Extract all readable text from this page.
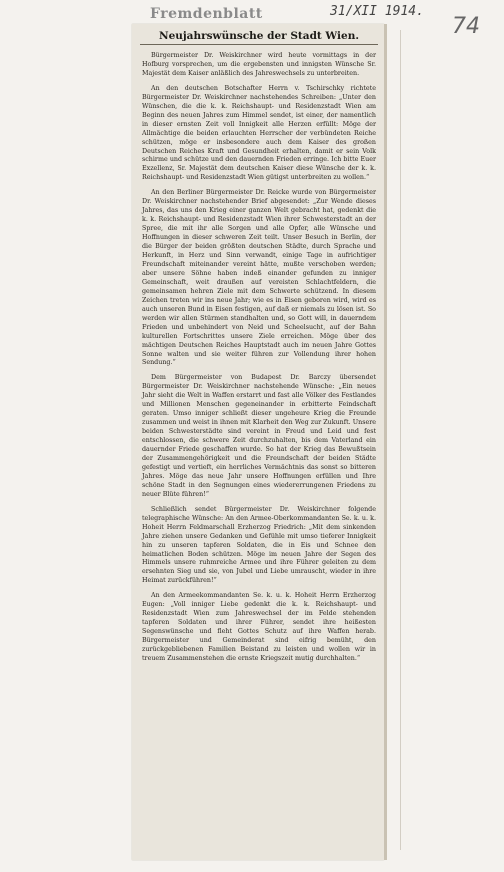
Fremdenblatt	31/XII 1914.
74
Neujahrswünsche der Stadt Wien.

Bürgermeister Dr. Weiskirchner wird heute vormittags in der Hofburg vorsprechen, um die ergebensten und innigsten Wünsche Sr. Majestät dem Kaiser anläßlich des Jahreswechsels zu unterbreiten.

An den deutschen Botschafter Herrn v. Tschirschky richtete Bürgermeister Dr. Weiskirchner nachstehendes Schreiben: „Unter den Wünschen, die die k. k. Reichshaupt- und Residenzstadt Wien am Beginn des neuen Jahres zum Himmel sendet, ist einer, der namentlich in dieser ernsten Zeit voll Innigkeit alle Herzen erfüllt: Möge der Allmächtige die beiden erlauchten Herrscher der verbündeten Reiche schützen, möge er insbesondere auch dem Kaiser des großen Deutschen Reiches Kraft und Gesundheit erhalten, damit er sein Volk schirme und schütze und den dauernden Frieden erringe. Ich bitte Euer Exzellenz, Sr. Majestät dem deutschen Kaiser diese Wünsche der k. k. Reichshaupt- und Residenzstadt Wien gütigst unterbreiten zu wollen.“

An den Berliner Bürgermeister Dr. Reicke wurde von Bürgermeister Dr. Weiskirchner nachstehender Brief abgesendet: „Zur Wende dieses Jahres, das uns den Krieg einer ganzen Welt gebracht hat, gedenkt die k. k. Reichshaupt- und Residenzstadt Wien ihrer Schwesterstadt an der Spree, die mit ihr alle Sorgen und alle Opfer, alle Wünsche und Hoffnungen in dieser schweren Zeit teilt. Unser Besuch in Berlin, der die Bürger der beiden größten deutschen Städte, durch Sprache und Herkunft, in Herz und Sinn verwandt, einige Tage in aufrichtiger Freundschaft miteinander vereint hätte, mußte verschoben werden; aber unsere Söhne haben indeß einander gefunden zu inniger Gemeinschaft, weit draußen auf vereisten Schlachtfeldern, die gemeinsamen hehren Ziele mit dem Schwerte schützend. In diesem Zeichen treten wir ins neue Jahr; wie es in Eisen geboren wird, wird es auch unseren Bund in Eisen festigen, auf daß er niemals zu lösen ist. So werden wir allen Stürmen standhalten und, so Gott will, in dauerndem Frieden und unbehindert von Neid und Scheelsucht, auf der Bahn kulturellen Fortschrittes unsere Ziele erreichen. Möge über des mächtigen Deutschen Reiches Hauptstadt auch im neuen Jahre Gottes Sonne walten und sie weiter führen zur Vollendung ihrer hohen Sendung.“

Dem Bürgermeister von Budapest Dr. Barczy übersendet Bürgermeister Dr. Weiskirchner nachstehende Wünsche: „Ein neues Jahr sieht die Welt in Waffen erstarrt und fast alle Völker des Festlandes und Millionen Menschen gegeneinander in erbitterte Feindschaft geraten. Umso inniger schließt dieser ungeheure Krieg die Freunde zusammen und weist in ihnen mit Klarheit den Weg zur Zukunft. Unsere beiden Schwesterstädte sind vereint in Freud und Leid und fest entschlossen, die schwere Zeit durchzuhalten, bis dem Vaterland ein dauernder Friede geschaffen wurde. So hat der Krieg das Bewußtsein der Zusammengehörigkeit und die Freundschaft der beiden Städte gefestigt und vertieft, ein herrliches Vermächtnis das sonst so bitteren Jahres. Möge das neue Jahr unsere Hoffnungen erfüllen und Ihre schöne Stadt in den Segnungen eines wiedererrungenen Friedens zu neuer Blüte führen!“

Schließlich sendet Bürgermeister Dr. Weiskirchner folgende telegraphische Wünsche: An den Armee-Oberkommandanten Se. k. u. k. Hoheit Herrn Feldmarschall Erzherzog Friedrich: „Mit dem sinkenden Jahre ziehen unsere Gedanken und Gefühle mit umso tieferer Innigkeit hin zu unseren tapferen Soldaten, die in Eis und Schnee den heimatlichen Boden schützen. Möge im neuen Jahre der Segen des Himmels unsere ruhmreiche Armee und ihre Führer geleiten zu dem ersehnten Sieg und sie, von Jubel und Liebe umrauscht, wieder in ihre Heimat zurückführen!“

An den Armeekommandanten Se. k. u. k. Hoheit Herrn Erzherzog Eugen: „Voll inniger Liebe gedenkt die k. k. Reichshaupt- und Residenzstadt Wien zum Jahreswechsel der im Felde stehenden tapferen Soldaten und ihrer Führer, sendet ihre heißesten Segenswünsche und fleht Gottes Schutz auf ihre Waffen herab. Bürgermeister und Gemeinderat sind eifrig bemüht, den zurückgebliebenen Familien Beistand zu leisten und wollen wir in treuem Zusammenstehen die ernste Kriegszeit mutig durchhalten.“
